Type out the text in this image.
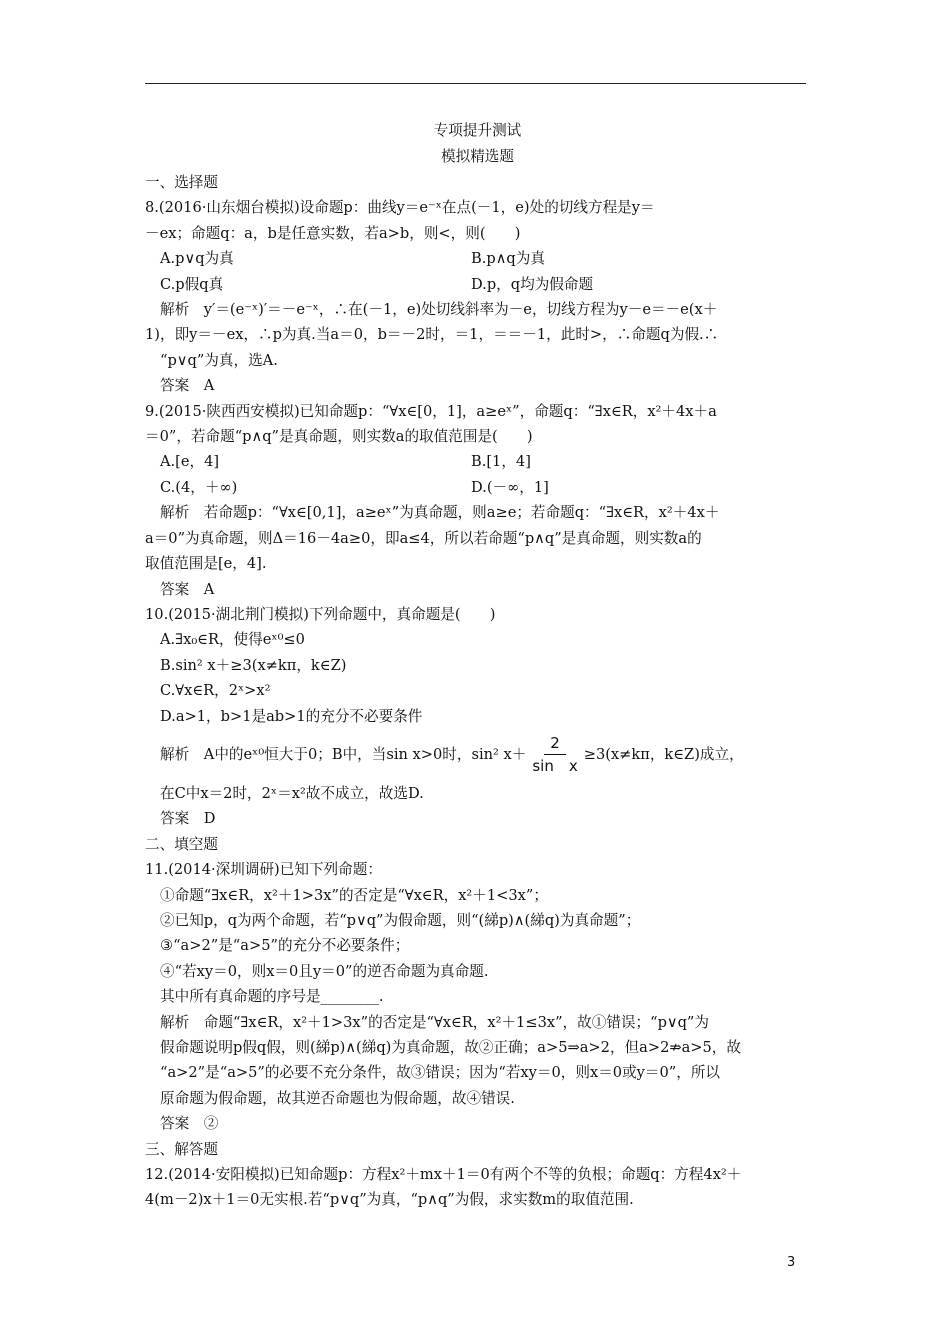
专项提升测试
模拟精选题
一、选择题
8.(2016·山东烟台模拟)设命题p：曲线y＝e⁻ˣ在点(－1，e)处的切线方程是y＝
－ex；命题q：a，b是任意实数，若a>b，则<，则(　　)
A.p∨q为真	B.p∧q为真
C.p假q真	D.p，q均为假命题
解析　y′＝(e⁻ˣ)′＝－e⁻ˣ，∴在(－1，e)处切线斜率为－e，切线方程为y－e＝－e(x＋
1)，即y＝－ex，∴p为真.当a＝0，b＝－2时，＝1，＝＝－1，此时>，∴命题q为假.∴
“p∨q”为真，选A.
答案　A
9.(2015·陕西西安模拟)已知命题p：“∀x∈[0，1]，a≥eˣ”，命题q：“∃x∈R，x²＋4x＋a
＝0”，若命题“p∧q”是真命题，则实数a的取值范围是(　　)
A.[e，4]	B.[1，4]
C.(4，＋∞)	D.(－∞，1]
解析　若命题p：“∀x∈[0,1]，a≥eˣ”为真命题，则a≥e；若命题q：“∃x∈R，x²＋4x＋
a＝0”为真命题，则Δ＝16－4a≥0，即a≤4，所以若命题“p∧q”是真命题，则实数a的
取值范围是[e，4].
答案　A
10.(2015·湖北荆门模拟)下列命题中，真命题是(　　)
A.∃x₀∈R，使得eˣ⁰≤0
B.sin² x＋≥3(x≠kπ，k∈Z)
C.∀x∈R，2ˣ>x²
D.a>1，b>1是ab>1的充分不必要条件
解析　A中的eˣ⁰恒大于0；B中，当sin x>0时，sin² $x+ \frac{2}{\text{sin　x}} \ge 3(x\ne k\pi$，k∈Z)成立，
在C中x＝2时，2ˣ＝x²故不成立，故选D.
答案　D
二、填空题
11.(2014·深圳调研)已知下列命题：
①命题“∃x∈R，x²＋1>3x”的否定是“∀x∈R，x²＋1<3x”；
②已知p，q为两个命题，若“p∨q”为假命题，则“(綈p)∧(綈q)为真命题”；
③“a>2”是“a>5”的充分不必要条件；
④“若xy＝0，则x＝0且y＝0”的逆否命题为真命题.
其中所有真命题的序号是________.
解析　命题“∃x∈R，x²＋1>3x”的否定是“∀x∈R，x²＋1≤3x”，故①错误；“p∨q”为
假命题说明p假q假，则(綈p)∧(綈q)为真命题，故②正确；a>5⇒a>2，但a>2⇏a>5，故
“a>2”是“a>5”的必要不充分条件，故③错误；因为“若xy＝0，则x＝0或y＝0”，所以
原命题为假命题，故其逆否命题也为假命题，故④错误.
答案　②
三、解答题
12.(2014·安阳模拟)已知命题p：方程x²＋mx＋1＝0有两个不等的负根；命题q：方程4x²＋
4(m－2)x＋1＝0无实根.若“p∨q”为真，“p∧q”为假，求实数m的取值范围.
3
